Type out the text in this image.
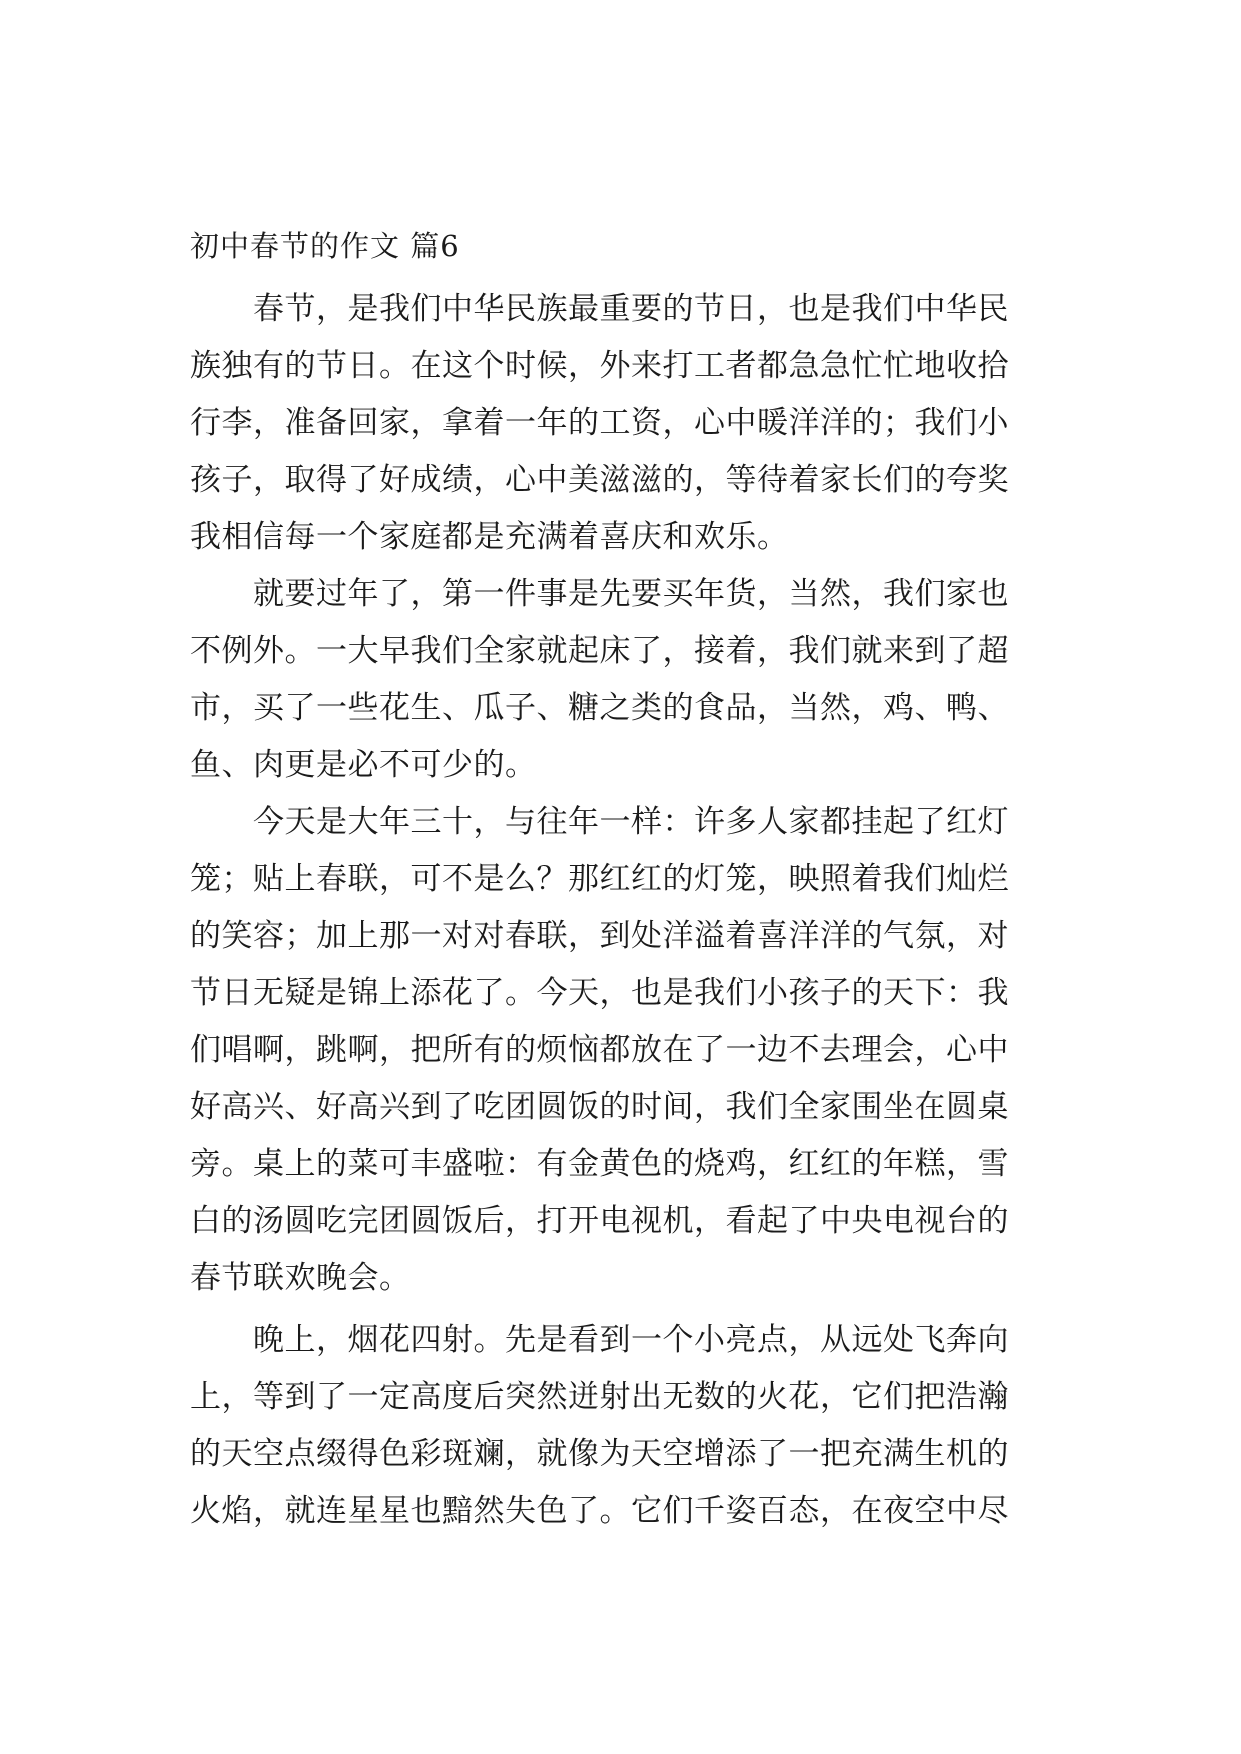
初中春节的作文 篇6
春节，是我们中华民族最重要的节日，也是我们中华民
族独有的节日。在这个时候，外来打工者都急急忙忙地收拾
行李，准备回家，拿着一年的工资，心中暖洋洋的；我们小
孩子，取得了好成绩，心中美滋滋的，等待着家长们的夸奖
我相信每一个家庭都是充满着喜庆和欢乐。
就要过年了，第一件事是先要买年货，当然，我们家也
不例外。一大早我们全家就起床了，接着，我们就来到了超
市，买了一些花生、瓜子、糖之类的食品，当然，鸡、鸭、
鱼、肉更是必不可少的。
今天是大年三十，与往年一样：许多人家都挂起了红灯
笼；贴上春联，可不是么？那红红的灯笼，映照着我们灿烂
的笑容；加上那一对对春联，到处洋溢着喜洋洋的气氛，对
节日无疑是锦上添花了。今天，也是我们小孩子的天下：我
们唱啊，跳啊，把所有的烦恼都放在了一边不去理会，心中
好高兴、好高兴到了吃团圆饭的时间，我们全家围坐在圆桌
旁。桌上的菜可丰盛啦：有金黄色的烧鸡，红红的年糕，雪
白的汤圆吃完团圆饭后，打开电视机，看起了中央电视台的
春节联欢晚会。
晚上，烟花四射。先是看到一个小亮点，从远处飞奔向
上，等到了一定高度后突然迸射出无数的火花，它们把浩瀚
的天空点缀得色彩斑斓，就像为天空增添了一把充满生机的
火焰，就连星星也黯然失色了。它们千姿百态，在夜空中尽
